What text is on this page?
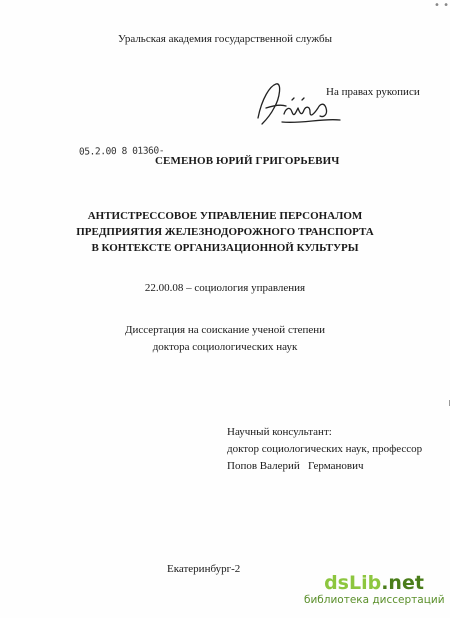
• •
Уральская академия государственной службы
На правах рукописи
05.2.00 8 01360-
СЕМЕНОВ ЮРИЙ ГРИГОРЬЕВИЧ
АНТИСТРЕССОВОЕ УПРАВЛЕНИЕ ПЕРСОНАЛОМ
ПРЕДПРИЯТИЯ ЖЕЛЕЗНОДОРОЖНОГО ТРАНСПОРТА
В КОНТЕКСТЕ ОРГАНИЗАЦИОННОЙ КУЛЬТУРЫ
22.00.08 – социология управления
Диссертация на соискание ученой степени
доктора социологических наук
Научный консультант:
доктор социологических наук, профессор
Попов Валерий   Германович
Екатеринбург-2
dsLib.net
библиотека диссертаций
